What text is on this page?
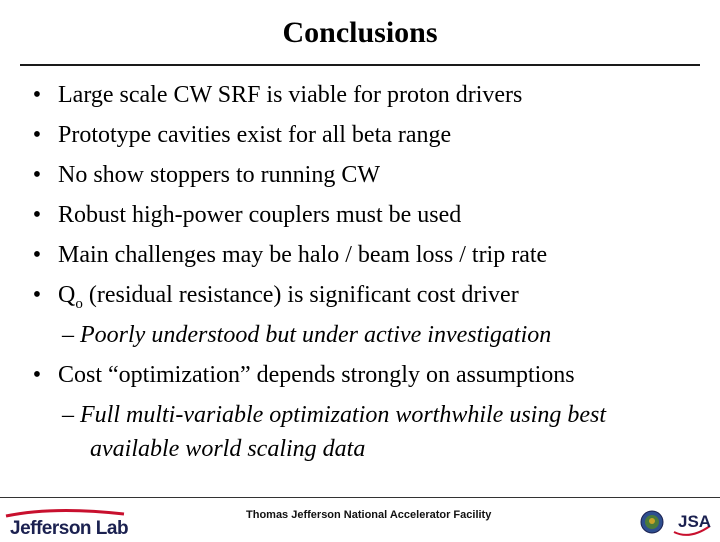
Conclusions
• Large scale CW SRF is viable for proton drivers
• Prototype cavities exist for all beta range
• No show stoppers to running CW
• Robust high-power couplers must be used
• Main challenges may be halo / beam loss / trip rate
• $Q_o$ (residual resistance) is significant cost driver
– Poorly understood but under active investigation
• Cost “optimization” depends strongly on assumptions
– Full multi-variable optimization worthwhile using best
available world scaling data
Jefferson Lab
Thomas Jefferson National Accelerator Facility	JSA
